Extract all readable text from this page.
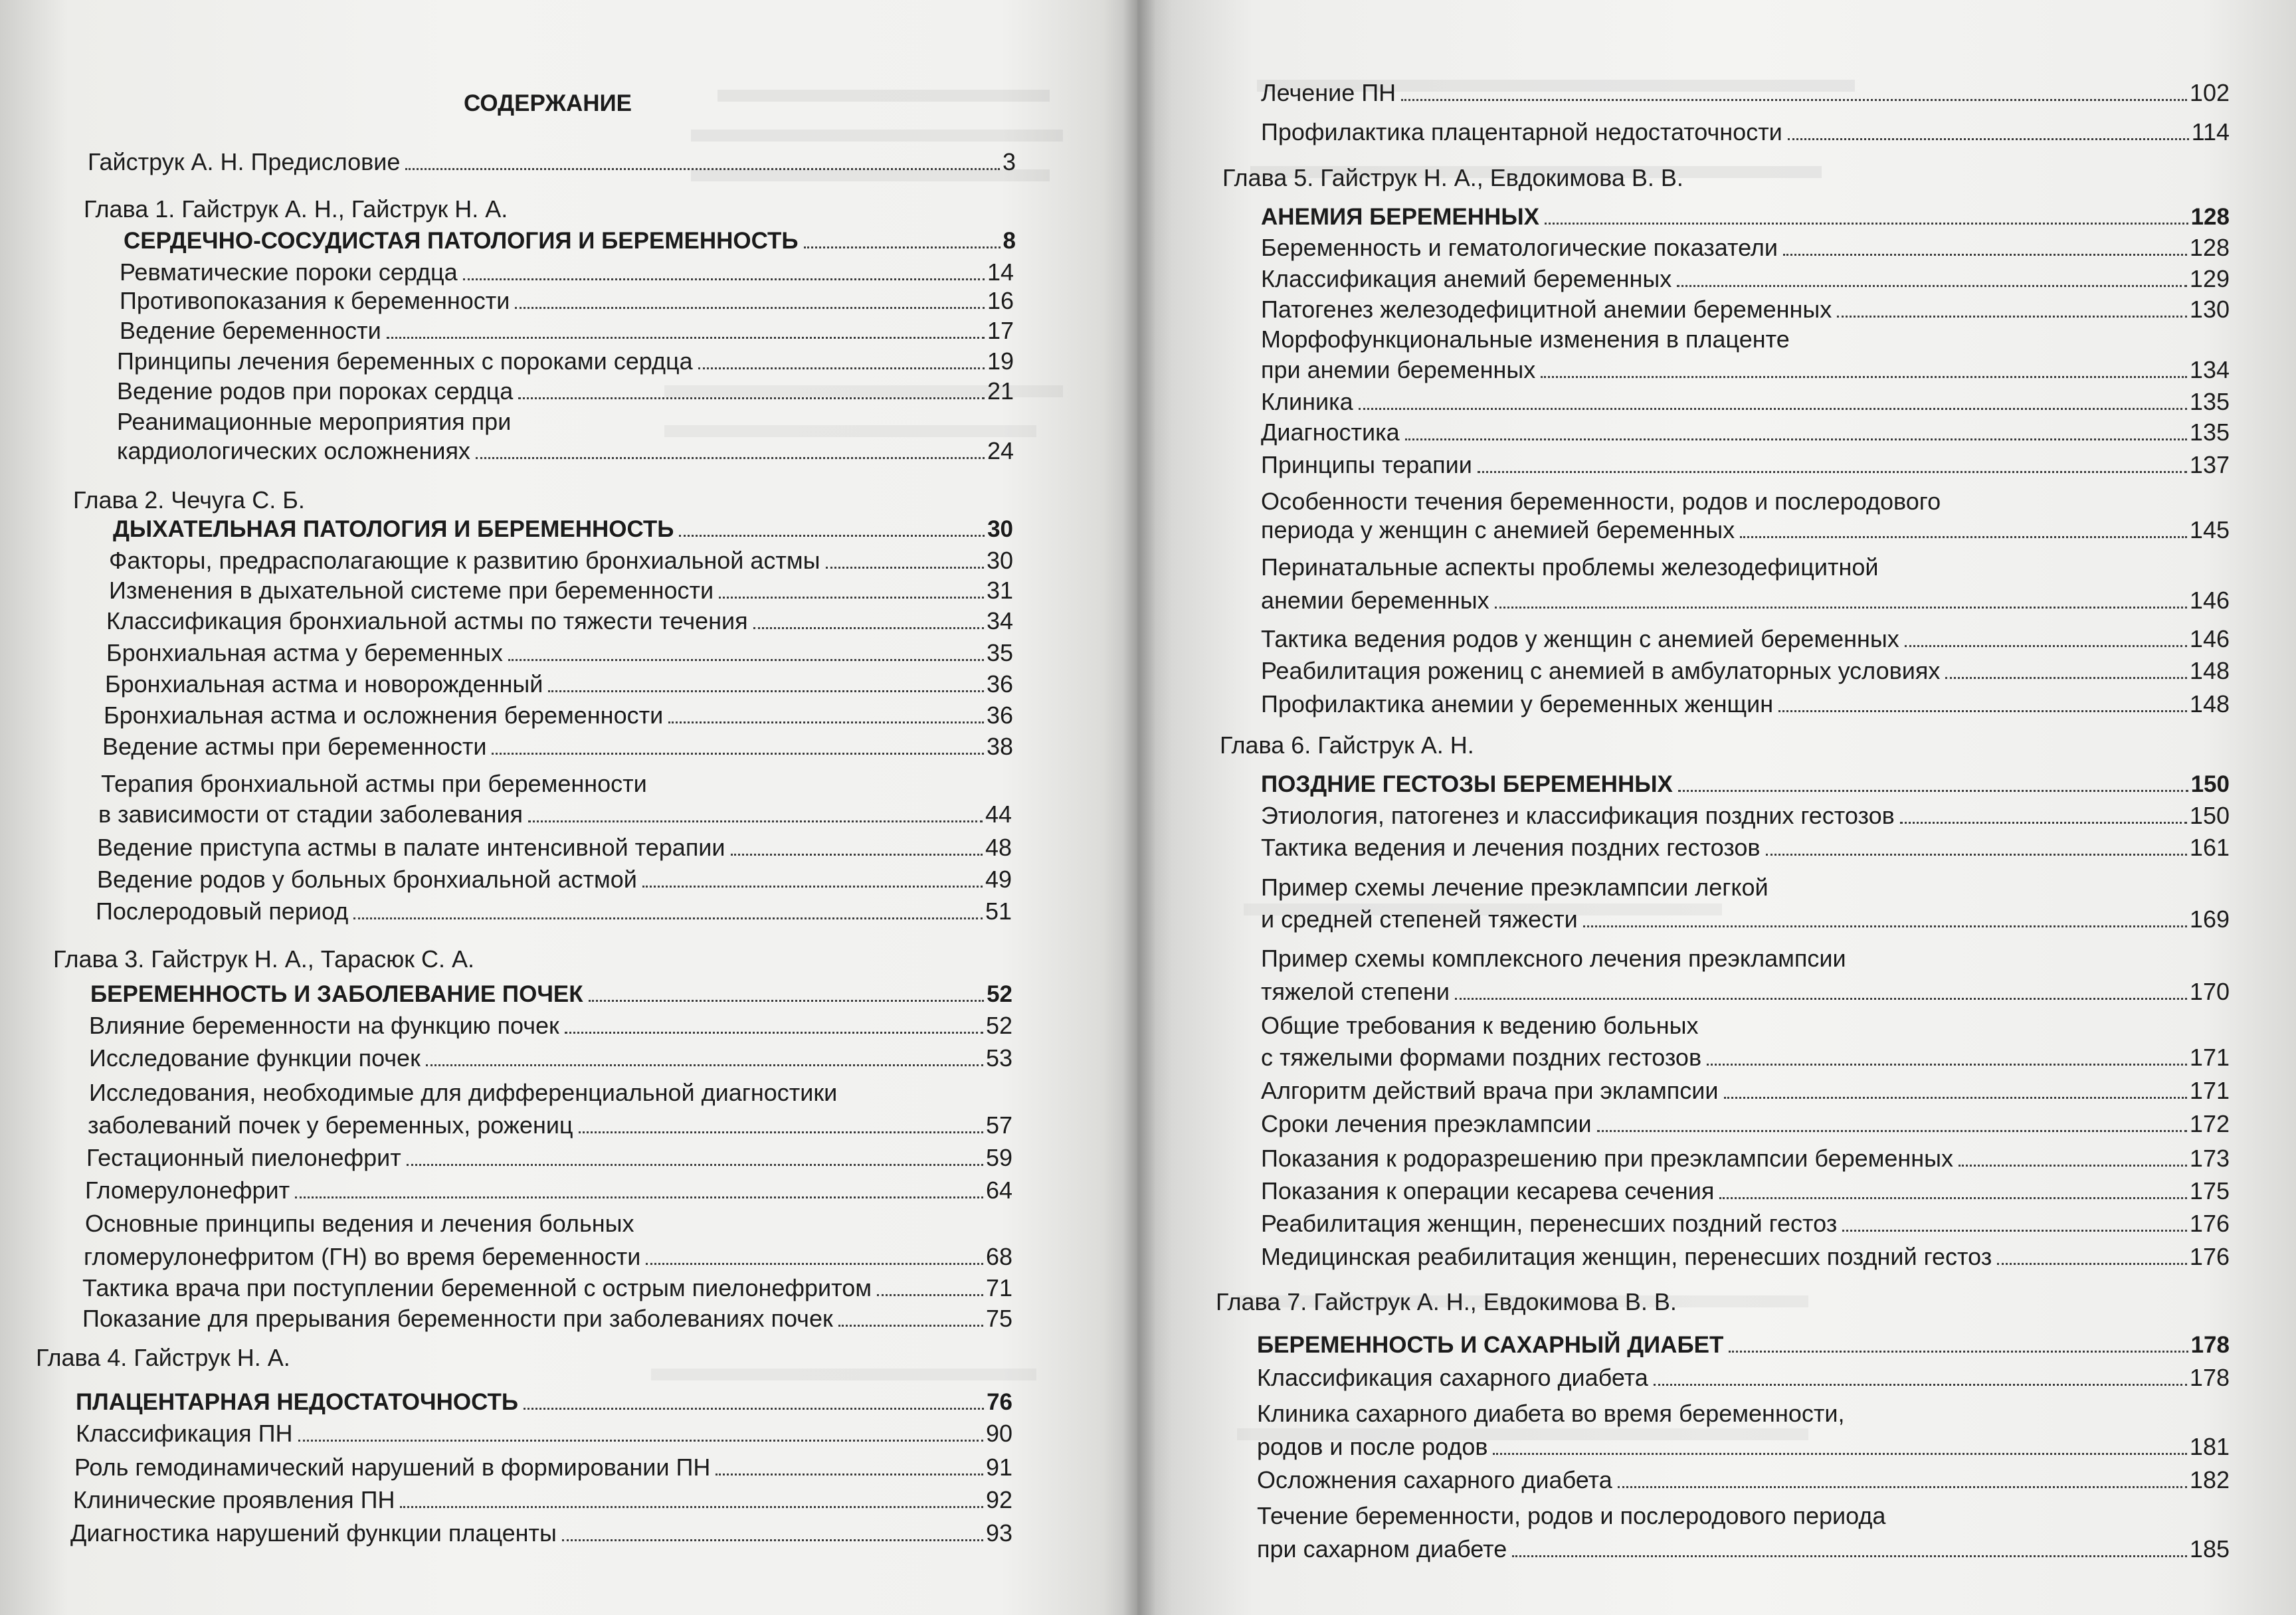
СОДЕРЖАНИЕ
Гайструк А. Н. Предисловие	3
Глава 1. Гайструк А. Н., Гайструк Н. А.
СЕРДЕЧНО-СОСУДИСТАЯ ПАТОЛОГИЯ И БЕРЕМЕННОСТЬ	8
Ревматические пороки сердца	14
Противопоказания к беременности	16
Ведение беременности	17
Принципы лечения беременных с пороками сердца	19
Ведение родов при пороках сердца	21
Реанимационные мероприятия при
кардиологических осложнениях	24
Глава 2. Чечуга С. Б.
ДЫХАТЕЛЬНАЯ ПАТОЛОГИЯ И БЕРЕМЕННОСТЬ	30
Факторы, предрасполагающие к развитию бронхиальной астмы	30
Изменения в дыхательной системе при беременности	31
Классификация бронхиальной астмы по тяжести течения	34
Бронхиальная астма у беременных	35
Бронхиальная астма и новорожденный	36
Бронхиальная астма и осложнения беременности	36
Ведение астмы при беременности	38
Терапия бронхиальной астмы при беременности
в зависимости от стадии заболевания	44
Ведение приступа астмы в палате интенсивной терапии	48
Ведение родов у больных бронхиальной астмой	49
Послеродовый период	51
Глава 3. Гайструк Н. А., Тарасюк С. А.
БЕРЕМЕННОСТЬ И ЗАБОЛЕВАНИЕ ПОЧЕК	52
Влияние беременности на функцию почек	52
Исследование функции почек	53
Исследования, необходимые для дифференциальной диагностики
заболеваний почек у беременных, рожениц	57
Гестационный пиелонефрит	59
Гломерулонефрит	64
Основные принципы ведения и лечения больных
гломерулонефритом (ГН) во время беременности	68
Тактика врача при поступлении беременной с острым пиелонефритом	71
Показание для прерывания беременности при заболеваниях почек	75
Глава 4. Гайструк Н. А.
ПЛАЦЕНТАРНАЯ НЕДОСТАТОЧНОСТЬ	76
Классификация ПН	90
Роль гемодинамический нарушений в формировании ПН	91
Клинические проявления ПН	92
Диагностика нарушений функции плаценты	93
Лечение ПН	102
Профилактика плацентарной недостаточности	114
Глава 5. Гайструк Н. А., Евдокимова В. В.
АНЕМИЯ БЕРЕМЕННЫХ	128
Беременность и гематологические показатели	128
Классификация анемий беременных	129
Патогенез железодефицитной анемии беременных	130
Морфофункциональные изменения в плаценте
при анемии беременных	134
Клиника	135
Диагностика	135
Принципы терапии	137
Особенности течения беременности, родов и послеродового
периода у женщин с анемией беременных	145
Перинатальные аспекты проблемы железодефицитной
анемии беременных	146
Тактика ведения родов у женщин с анемией беременных	146
Реабилитация рожениц с анемией в амбулаторных условиях	148
Профилактика анемии у беременных женщин	148
Глава 6. Гайструк А. Н.
ПОЗДНИЕ ГЕСТОЗЫ БЕРЕМЕННЫХ	150
Этиология, патогенез и классификация поздних гестозов	150
Тактика ведения и лечения поздних гестозов	161
Пример схемы лечение преэклампсии легкой
и средней степеней тяжести	169
Пример схемы комплексного лечения преэклампсии
тяжелой степени	170
Общие требования к ведению больных
с тяжелыми формами поздних гестозов	171
Алгоритм действий врача при эклампсии	171
Сроки лечения преэклампсии	172
Показания к родоразрешению при преэклампсии беременных	173
Показания к операции кесарева сечения	175
Реабилитация женщин, перенесших поздний гестоз	176
Медицинская реабилитация женщин, перенесших поздний гестоз	176
Глава 7. Гайструк А. Н., Евдокимова В. В.
БЕРЕМЕННОСТЬ И САХАРНЫЙ ДИАБЕТ	178
Классификация сахарного диабета	178
Клиника сахарного диабета во время беременности,
родов и после родов	181
Осложнения сахарного диабета	182
Течение беременности, родов и послеродового периода
при сахарном диабете	185
